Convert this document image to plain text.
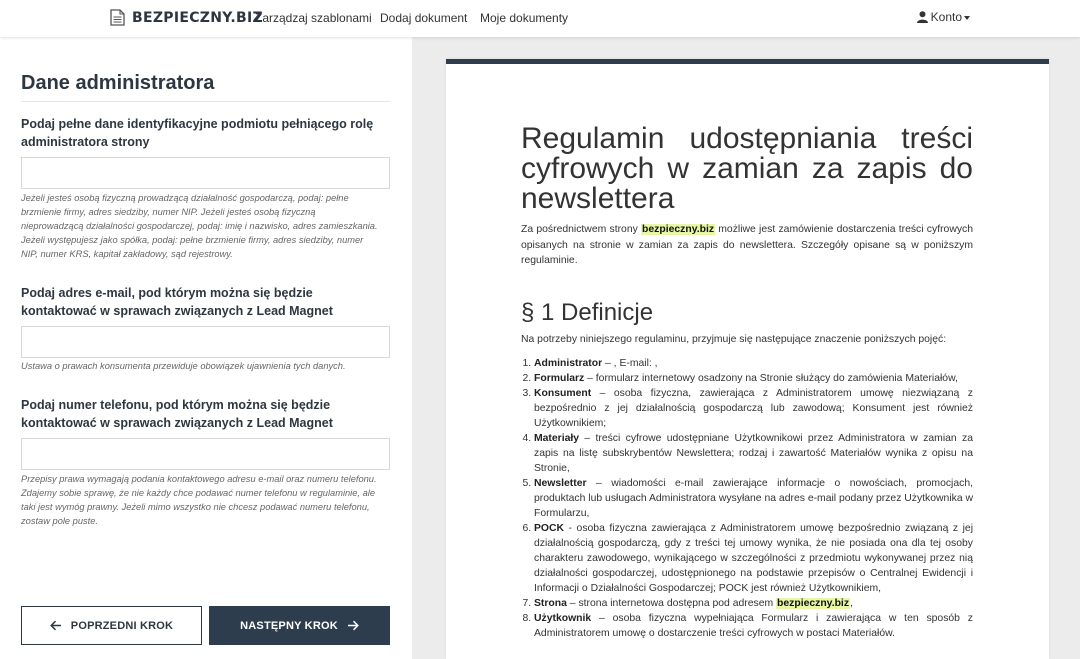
BEZPIECZNY.BIZ
Zarządzaj szablonami Dodaj dokument Moje dokumenty	Konto
Dane administratora
Podaj pełne dane identyfikacyjne podmiotu pełniącego rolę administratora strony
Jeżeli jesteś osobą fizyczną prowadzącą działalność gospodarczą, podaj: pełne brzmienie firmy, adres siedziby, numer NIP. Jeżeli jesteś osobą fizyczną nieprowadzącą działalności gospodarczej, podaj: imię i nazwisko, adres zamieszkania. Jeżeli występujesz jako spółka, podaj: pełne brzmienie firmy, adres siedziby, numer NIP, numer KRS, kapitał zakładowy, sąd rejestrowy.
Podaj adres e-mail, pod którym można się będzie kontaktować w sprawach związanych z Lead Magnet
Ustawa o prawach konsumenta przewiduje obowiązek ujawnienia tych danych.
Podaj numer telefonu, pod którym można się będzie kontaktować w sprawach związanych z Lead Magnet
Przepisy prawa wymagają podania kontaktowego adresu e-mail oraz numeru telefonu. Zdajemy sobie sprawę, że nie każdy chce podawać numer telefonu w regulaminie, ale taki jest wymóg prawny. Jeżeli mimo wszystko nie chcesz podawać numeru telefonu, zostaw pole puste.
POPRZEDNI KROK	NASTĘPNY KROK
Regulamin udostępniania treści cyfrowych w zamian za zapis do newslettera

Za pośrednictwem strony bezpieczny.biz możliwe jest zamówienie dostarczenia treści cyfrowych opisanych na stronie w zamian za zapis do newslettera. Szczegóły opisane są w poniższym regulaminie.

§ 1 Definicje

Na potrzeby niniejszego regulaminu, przyjmuje się następujące znaczenie poniższych pojęć:

1. Administrator – , E-mail: ,
2. Formularz – formularz internetowy osadzony na Stronie służący do zamówienia Materiałów,
3. Konsument – osoba fizyczna, zawierająca z Administratorem umowę niezwiązaną z bezpośrednio z jej działalnością gospodarczą lub zawodową; Konsument jest również Użytkownikiem;
4. Materiały – treści cyfrowe udostępniane Użytkownikowi przez Administratora w zamian za zapis na listę subskrybentów Newslettera; rodzaj i zawartość Materiałów wynika z opisu na Stronie,
5. Newsletter – wiadomości e-mail zawierające informacje o nowościach, promocjach, produktach lub usługach Administratora wysyłane na adres e-mail podany przez Użytkownika w Formularzu,
6. POCK - osoba fizyczna zawierająca z Administratorem umowę bezpośrednio związaną z jej działalnością gospodarczą, gdy z treści tej umowy wynika, że nie posiada ona dla tej osoby charakteru zawodowego, wynikającego w szczególności z przedmiotu wykonywanej przez nią działalności gospodarczej, udostępnionego na podstawie przepisów o Centralnej Ewidencji i Informacji o Działalności Gospodarczej; POCK jest również Użytkownikiem,
7. Strona – strona internetowa dostępna pod adresem bezpieczny.biz,
8. Użytkownik – osoba fizyczna wypełniająca Formularz i zawierająca w ten sposób z Administratorem umowę o dostarczenie treści cyfrowych w postaci Materiałów.
